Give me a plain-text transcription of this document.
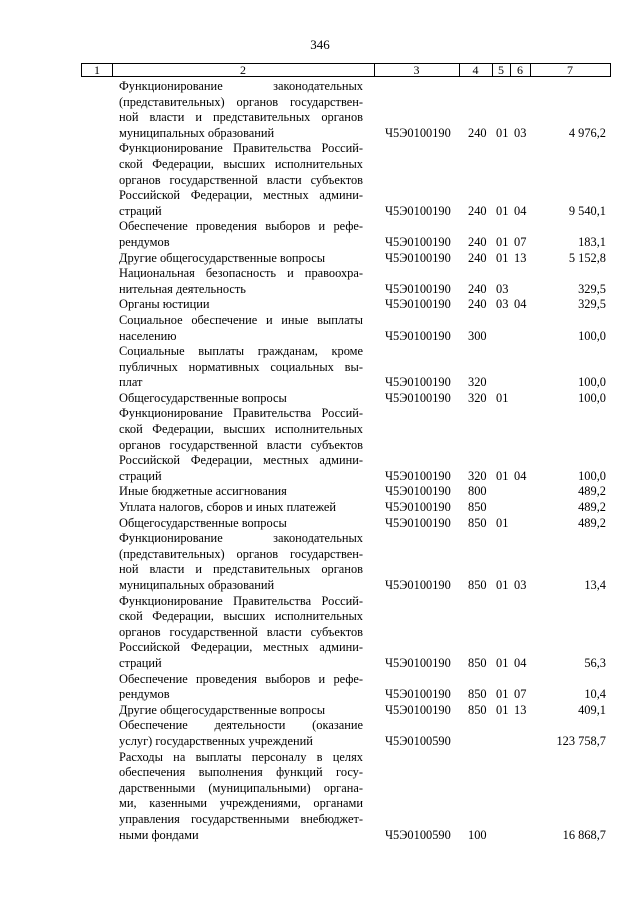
346
1	2	3	4	5	6	7
Функционирование законодательных
(представительных) органов государствен-
ной власти и представительных органов
муниципальных образований	Ч5Э0100190 240 01 03	4 976,2
Функционирование Правительства Россий-
ской Федерации, высших исполнительных
органов государственной власти субъектов
Российской Федерации, местных админи-
страций	Ч5Э0100190 240 01 04	9 540,1
Обеспечение проведения выборов и рефе-
рендумов	Ч5Э0100190 240 01 07	183,1
Другие общегосударственные вопросы	Ч5Э0100190 240 01 13	5 152,8
Национальная безопасность и правоохра-
нительная деятельность	Ч5Э0100190 240 03	329,5
Органы юстиции	Ч5Э0100190 240 03 04	329,5
Социальное обеспечение и иные выплаты
населению	Ч5Э0100190 300	100,0
Социальные выплаты гражданам, кроме
публичных нормативных социальных вы-
плат	Ч5Э0100190 320	100,0
Общегосударственные вопросы	Ч5Э0100190 320 01	100,0
Функционирование Правительства Россий-
ской Федерации, высших исполнительных
органов государственной власти субъектов
Российской Федерации, местных админи-
страций	Ч5Э0100190 320 01 04	100,0
Иные бюджетные ассигнования	Ч5Э0100190 800	489,2
Уплата налогов, сборов и иных платежей	Ч5Э0100190 850	489,2
Общегосударственные вопросы	Ч5Э0100190 850 01	489,2
Функционирование законодательных
(представительных) органов государствен-
ной власти и представительных органов
муниципальных образований	Ч5Э0100190 850 01 03	13,4
Функционирование Правительства Россий-
ской Федерации, высших исполнительных
органов государственной власти субъектов
Российской Федерации, местных админи-
страций	Ч5Э0100190 850 01 04	56,3
Обеспечение проведения выборов и рефе-
рендумов	Ч5Э0100190 850 01 07	10,4
Другие общегосударственные вопросы	Ч5Э0100190 850 01 13	409,1
Обеспечение деятельности (оказание
услуг) государственных учреждений	Ч5Э0100590	123 758,7
Расходы на выплаты персоналу в целях
обеспечения выполнения функций госу-
дарственными (муниципальными) органа-
ми, казенными учреждениями, органами
управления государственными внебюджет-
ными фондами	Ч5Э0100590 100	16 868,7
